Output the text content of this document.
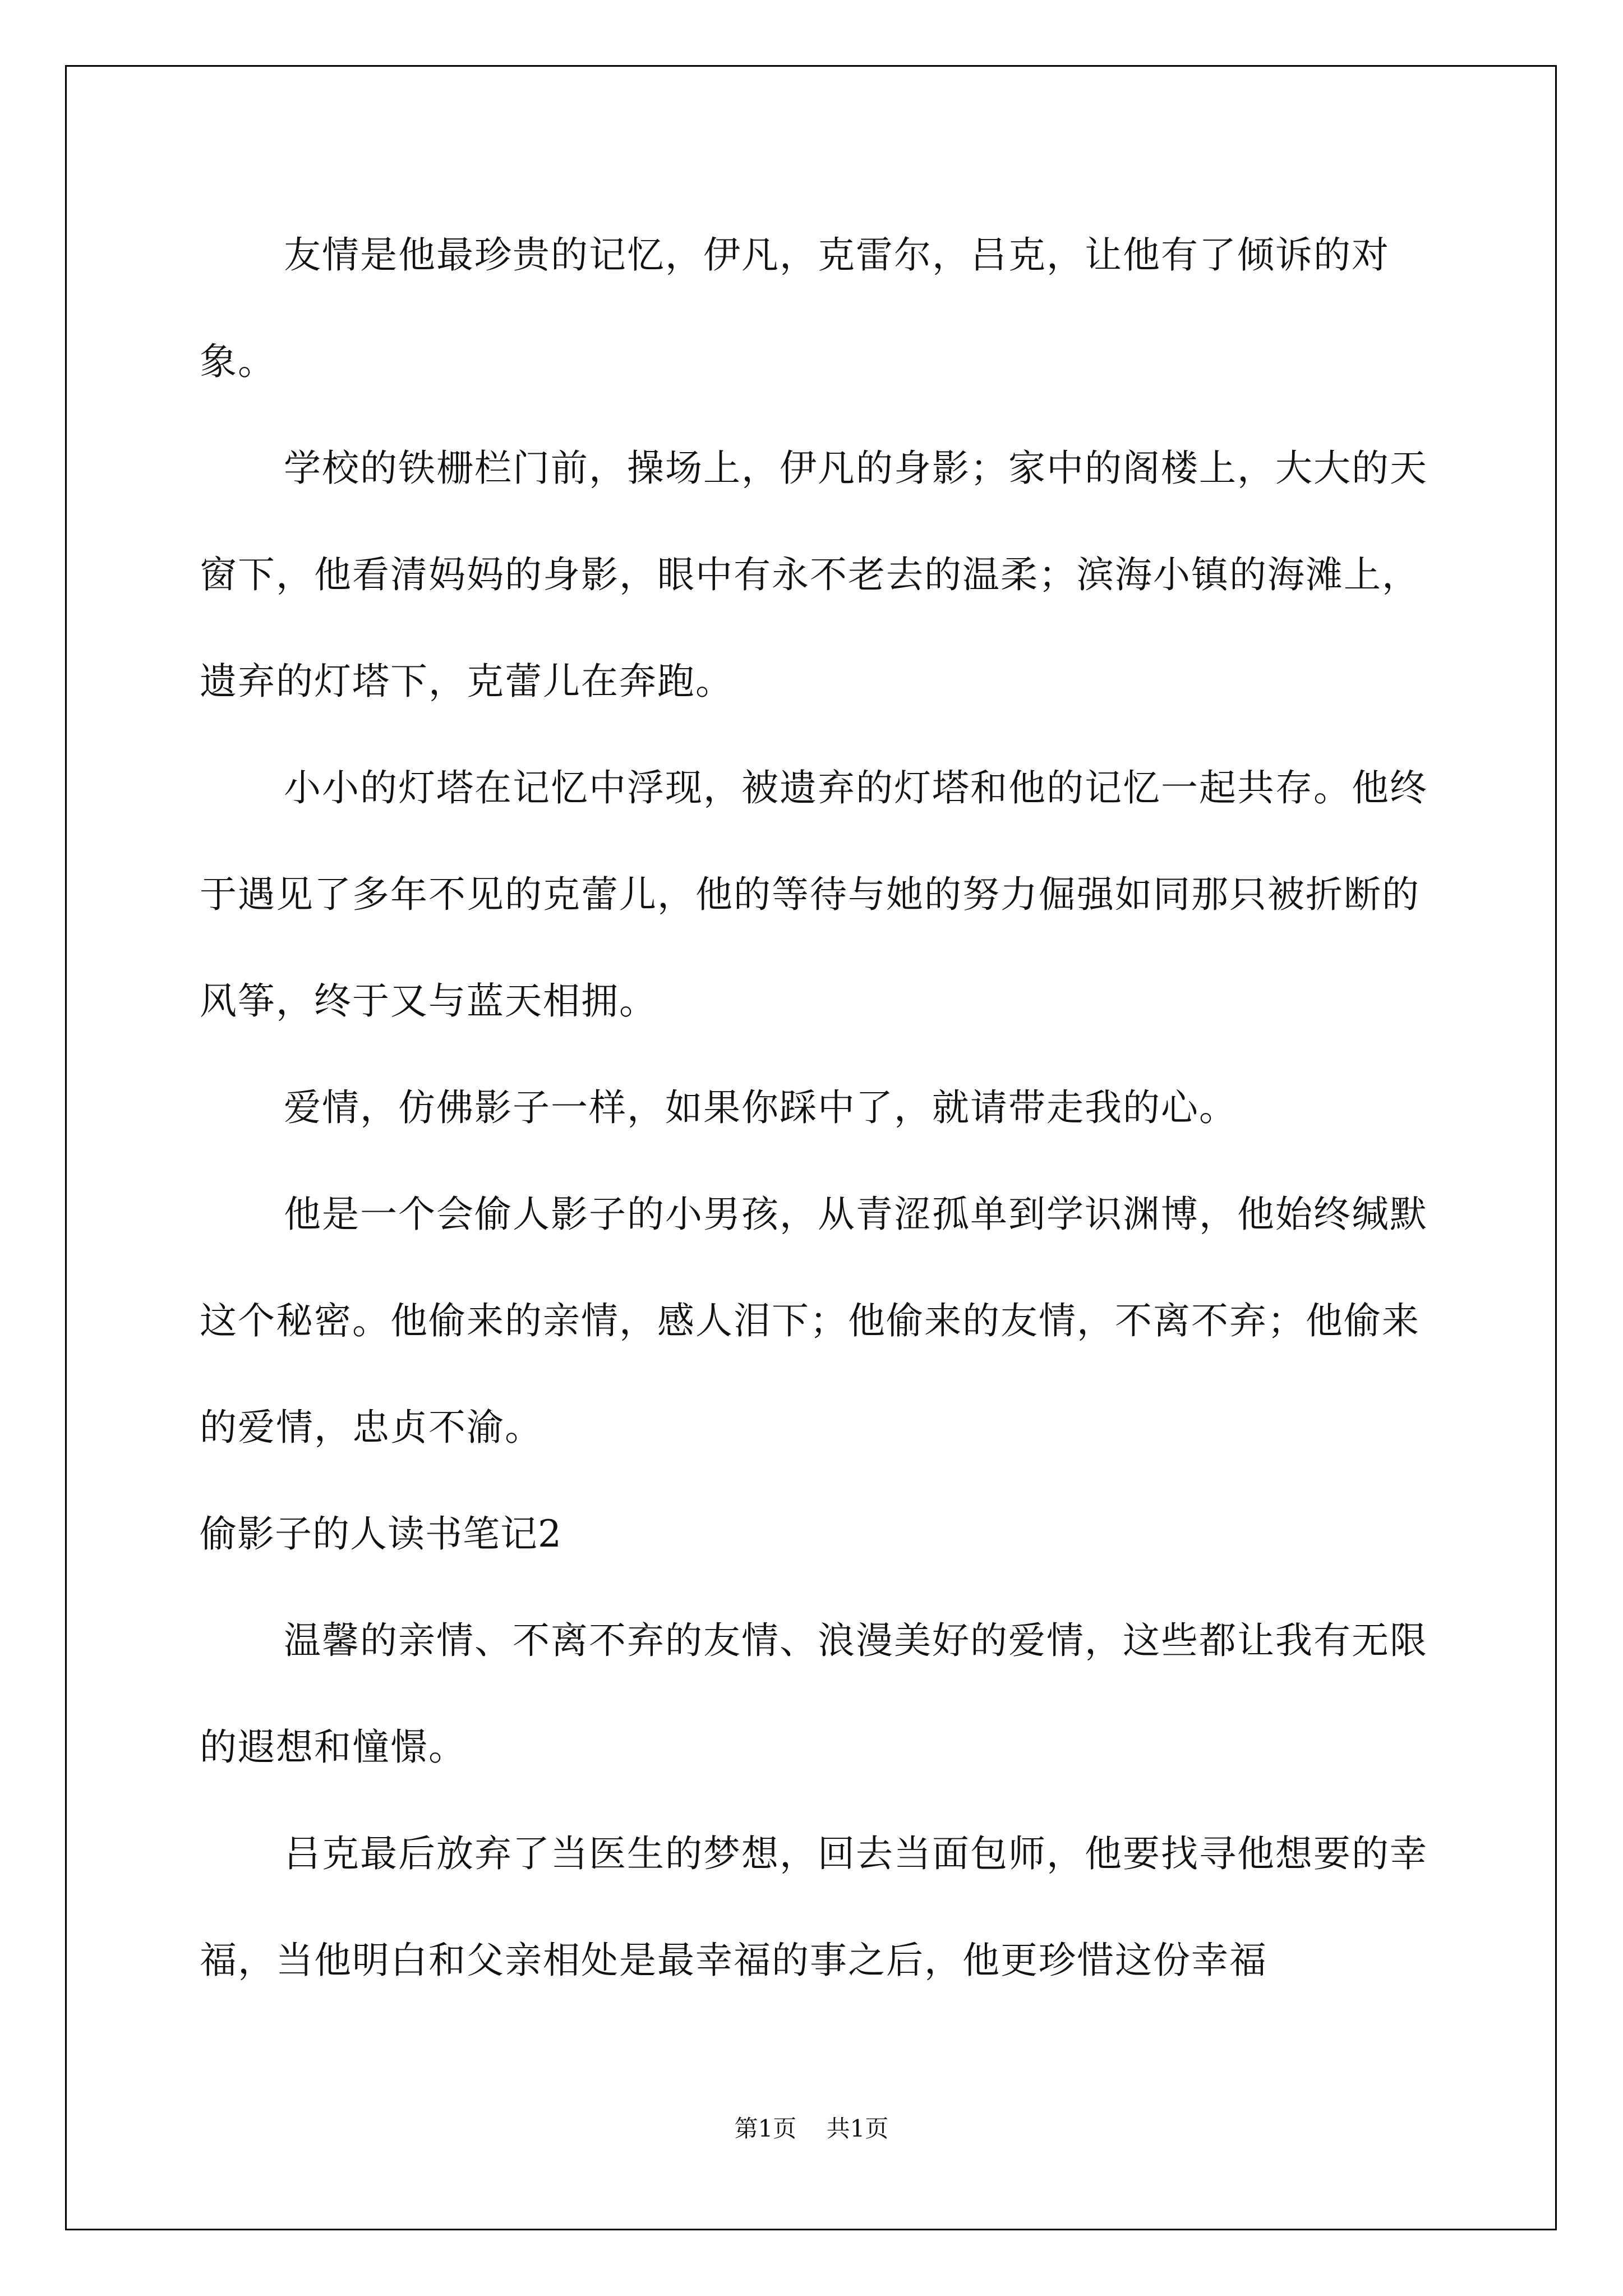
友情是他最珍贵的记忆，伊凡，克雷尔，吕克，让他有了倾诉的对象。

学校的铁栅栏门前，操场上，伊凡的身影；家中的阁楼上，大大的天窗下，他看清妈妈的身影，眼中有永不老去的温柔；滨海小镇的海滩上，遗弃的灯塔下，克蕾儿在奔跑。

小小的灯塔在记忆中浮现，被遗弃的灯塔和他的记忆一起共存。他终于遇见了多年不见的克蕾儿，他的等待与她的努力倔强如同那只被折断的风筝，终于又与蓝天相拥。

爱情，仿佛影子一样，如果你踩中了，就请带走我的心。

他是一个会偷人影子的小男孩，从青涩孤单到学识渊博，他始终缄默这个秘密。他偷来的亲情，感人泪下；他偷来的友情，不离不弃；他偷来的爱情，忠贞不渝。

偷影子的人读书笔记2

温馨的亲情、不离不弃的友情、浪漫美好的爱情，这些都让我有无限的遐想和憧憬。

吕克最后放弃了当医生的梦想，回去当面包师，他要找寻他想要的幸福，当他明白和父亲相处是最幸福的事之后，他更珍惜这份幸福

第1页 共1页
